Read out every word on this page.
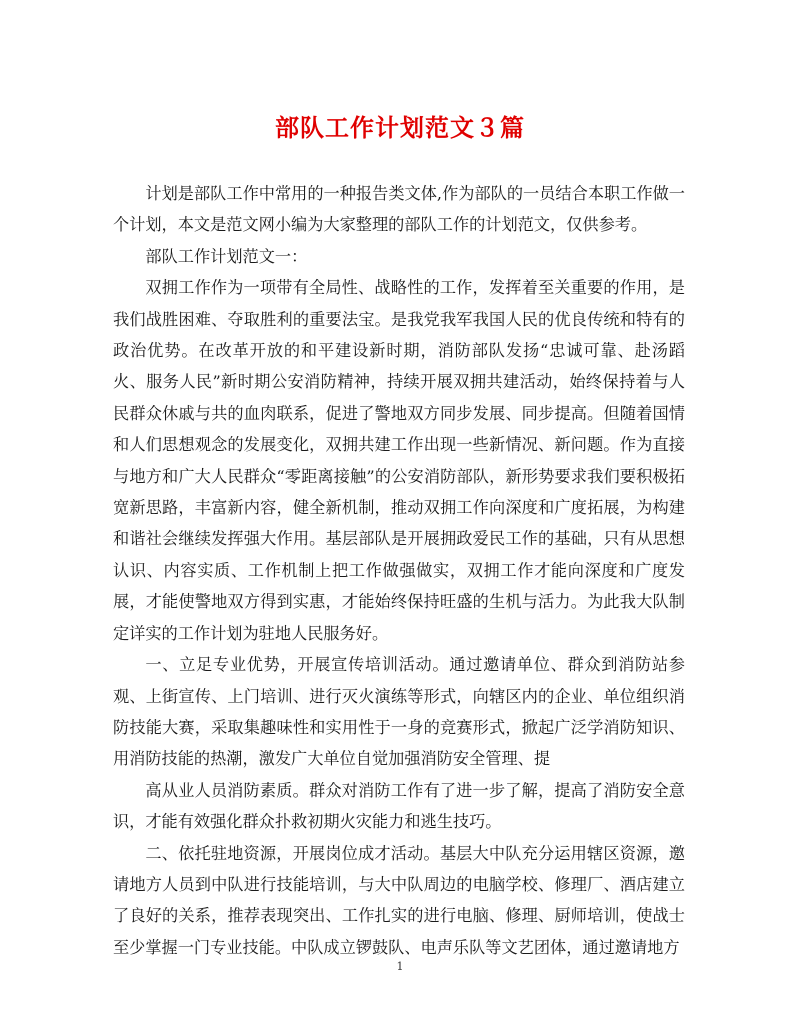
部队工作计划范文３篇

计划是部队工作中常用的一种报告类文体,作为部队的一员结合本职工作做一个计划，本文是范文网小编为大家整理的部队工作的计划范文，仅供参考。

部队工作计划范文一：

双拥工作作为一项带有全局性、战略性的工作，发挥着至关重要的作用，是我们战胜困难、夺取胜利的重要法宝。是我党我军我国人民的优良传统和特有的政治优势。在改革开放的和平建设新时期，消防部队发扬“忠诚可靠、赴汤蹈火、服务人民”新时期公安消防精神，持续开展双拥共建活动，始终保持着与人民群众休戚与共的血肉联系，促进了警地双方同步发展、同步提高。但随着国情和人们思想观念的发展变化，双拥共建工作出现一些新情况、新问题。作为直接与地方和广大人民群众“零距离接触”的公安消防部队，新形势要求我们要积极拓宽新思路，丰富新内容，健全新机制，推动双拥工作向深度和广度拓展，为构建和谐社会继续发挥强大作用。基层部队是开展拥政爱民工作的基础，只有从思想认识、内容实质、工作机制上把工作做强做实，双拥工作才能向深度和广度发展，才能使警地双方得到实惠，才能始终保持旺盛的生机与活力。为此我大队制定详实的工作计划为驻地人民服务好。

一、立足专业优势，开展宣传培训活动。通过邀请单位、群众到消防站参观、上街宣传、上门培训、进行灭火演练等形式，向辖区内的企业、单位组织消防技能大赛，采取集趣味性和实用性于一身的竞赛形式，掀起广泛学消防知识、用消防技能的热潮，激发广大单位自觉加强消防安全管理、提

高从业人员消防素质。群众对消防工作有了进一步了解，提高了消防安全意识，才能有效强化群众扑救初期火灾能力和逃生技巧。

二、依托驻地资源，开展岗位成才活动。基层大中队充分运用辖区资源，邀请地方人员到中队进行技能培训，与大中队周边的电脑学校、修理厂、酒店建立了良好的关系，推荐表现突出、工作扎实的进行电脑、修理、厨师培训，使战士至少掌握一门专业技能。中队成立锣鼓队、电声乐队等文艺团体，通过邀请地方

1
